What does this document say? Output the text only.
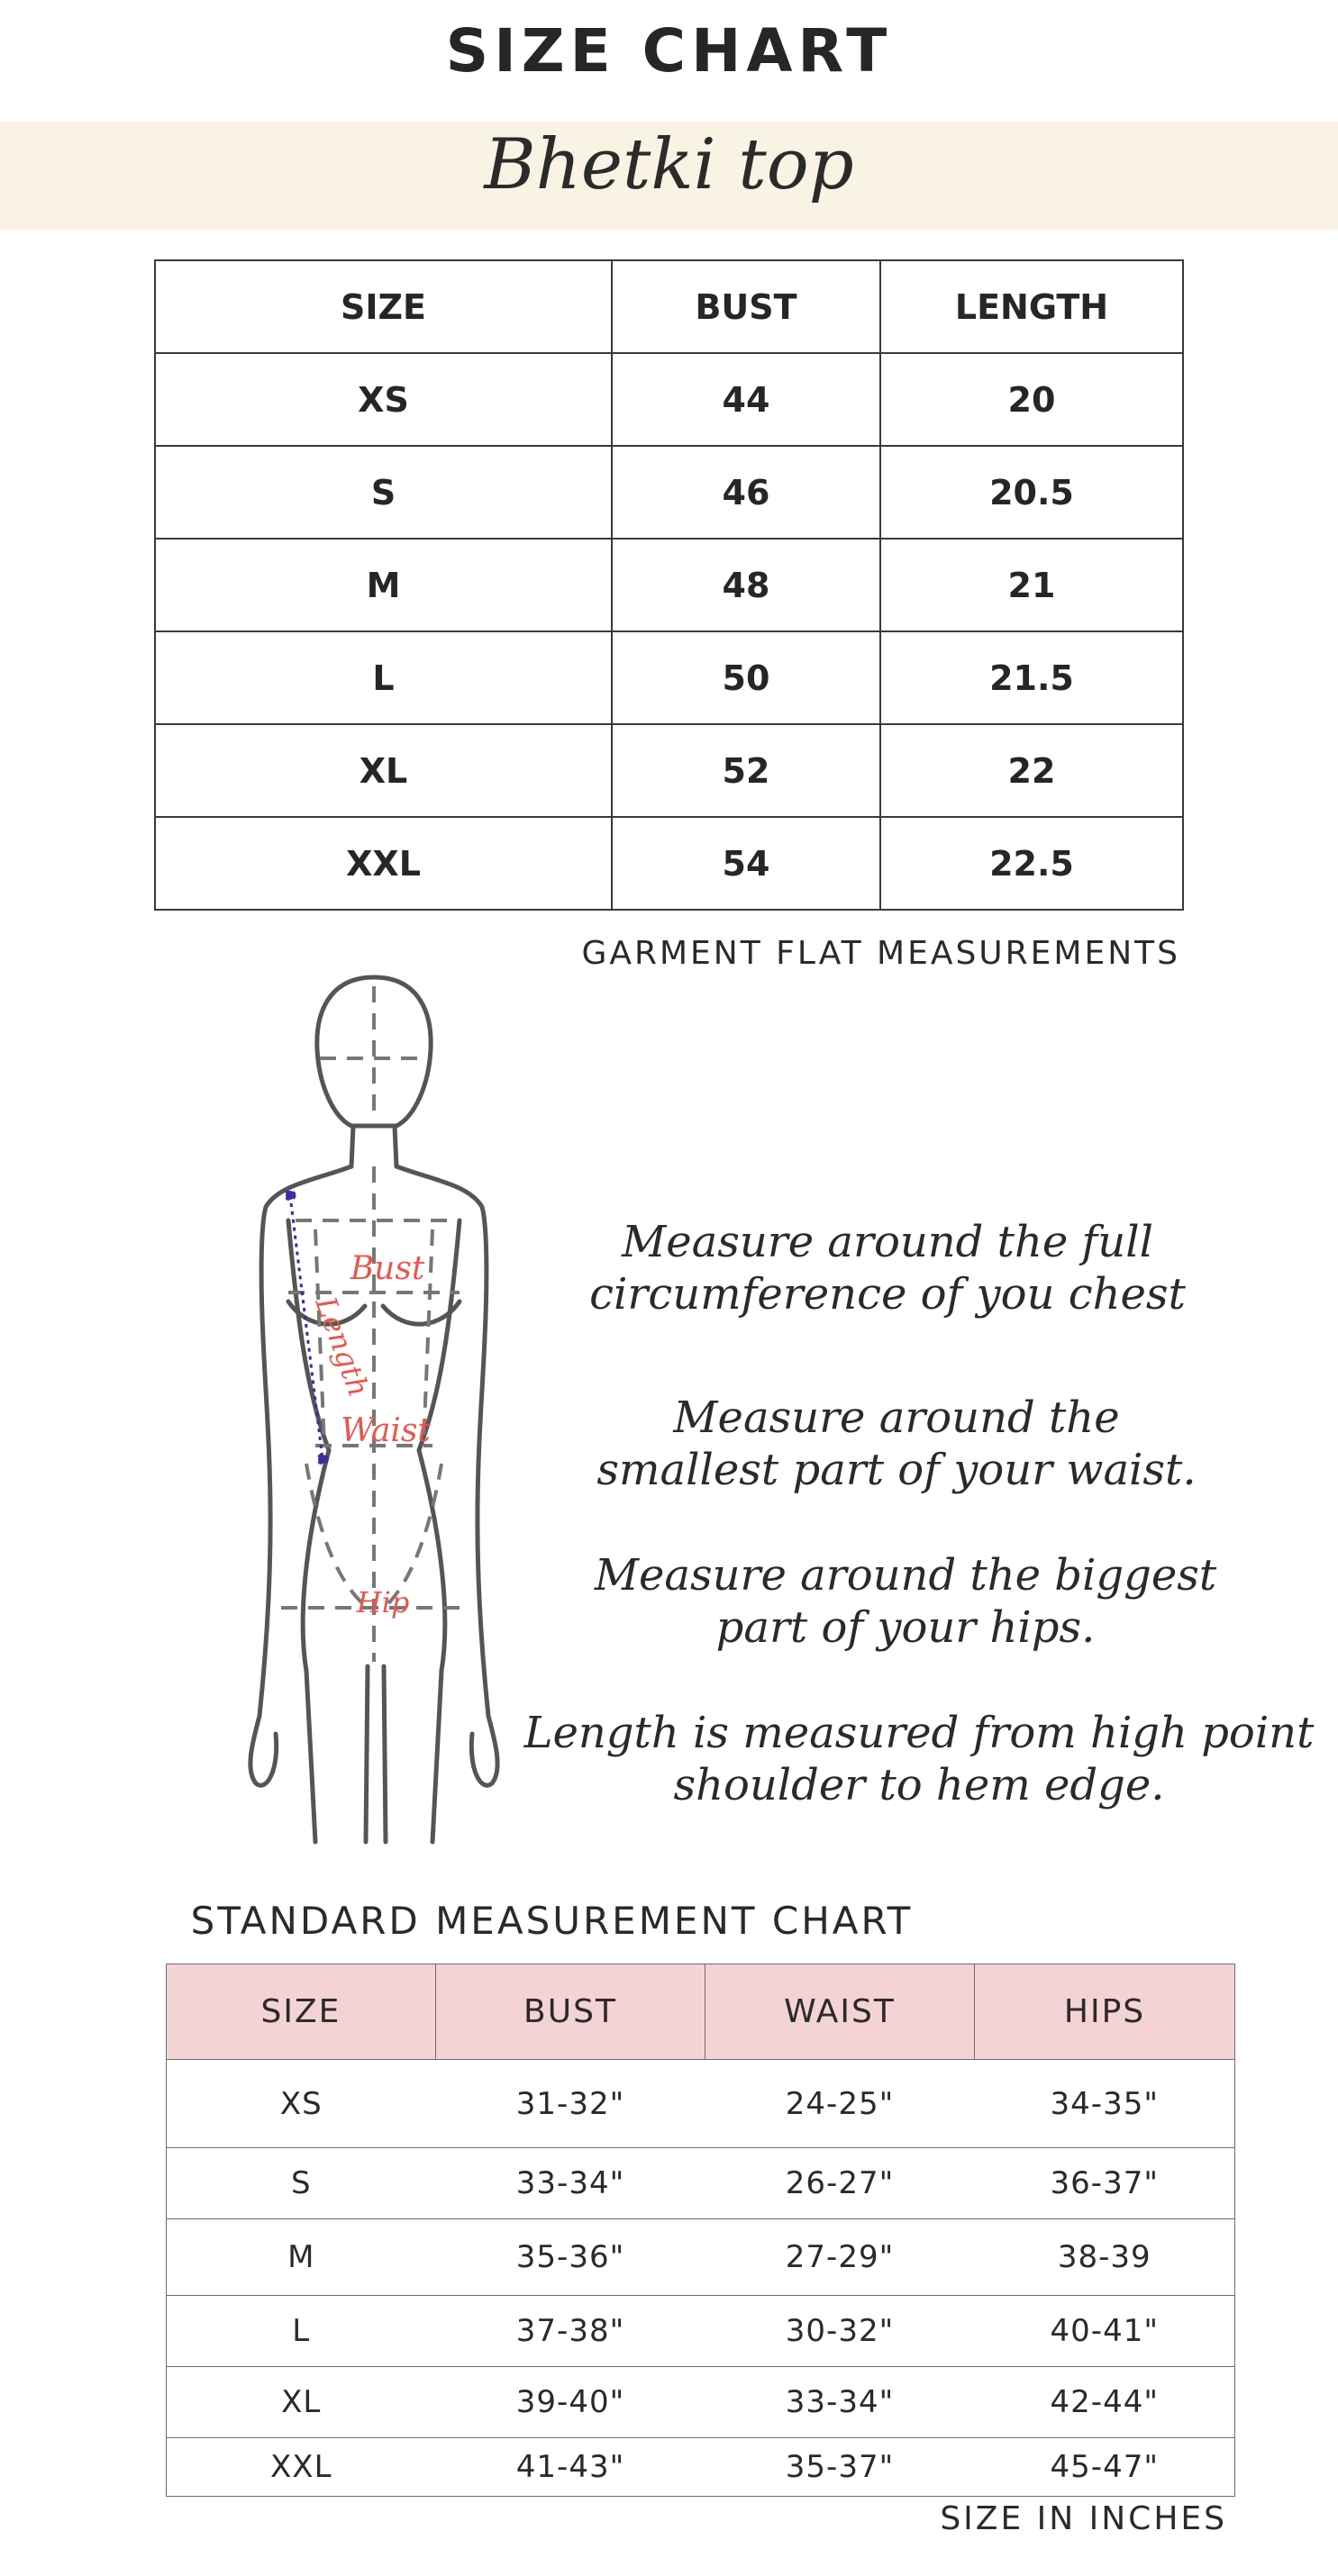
SIZE CHART
Bhetki top
SIZE	BUST	LENGTH
XS	44	20
S	46	20.5
M	48	21
L	50	21.5
XL	52	22
XXL	54	22.5
GARMENT FLAT MEASUREMENTS
Bust
Length
Waist
Hip
Measure around the full
circumference of you chest
Measure around the
smallest part of your waist.
Measure around the biggest
part of your hips.
Length is measured from high point
shoulder to hem edge.
STANDARD MEASUREMENT CHART
SIZE	BUST	WAIST	HIPS
XS	31-32"	24-25"	34-35"
S	33-34"	26-27"	36-37"
M	35-36"	27-29"	38-39
L	37-38"	30-32"	40-41"
XL	39-40"	33-34"	42-44"
XXL	41-43"	35-37"	45-47"
SIZE IN INCHES
